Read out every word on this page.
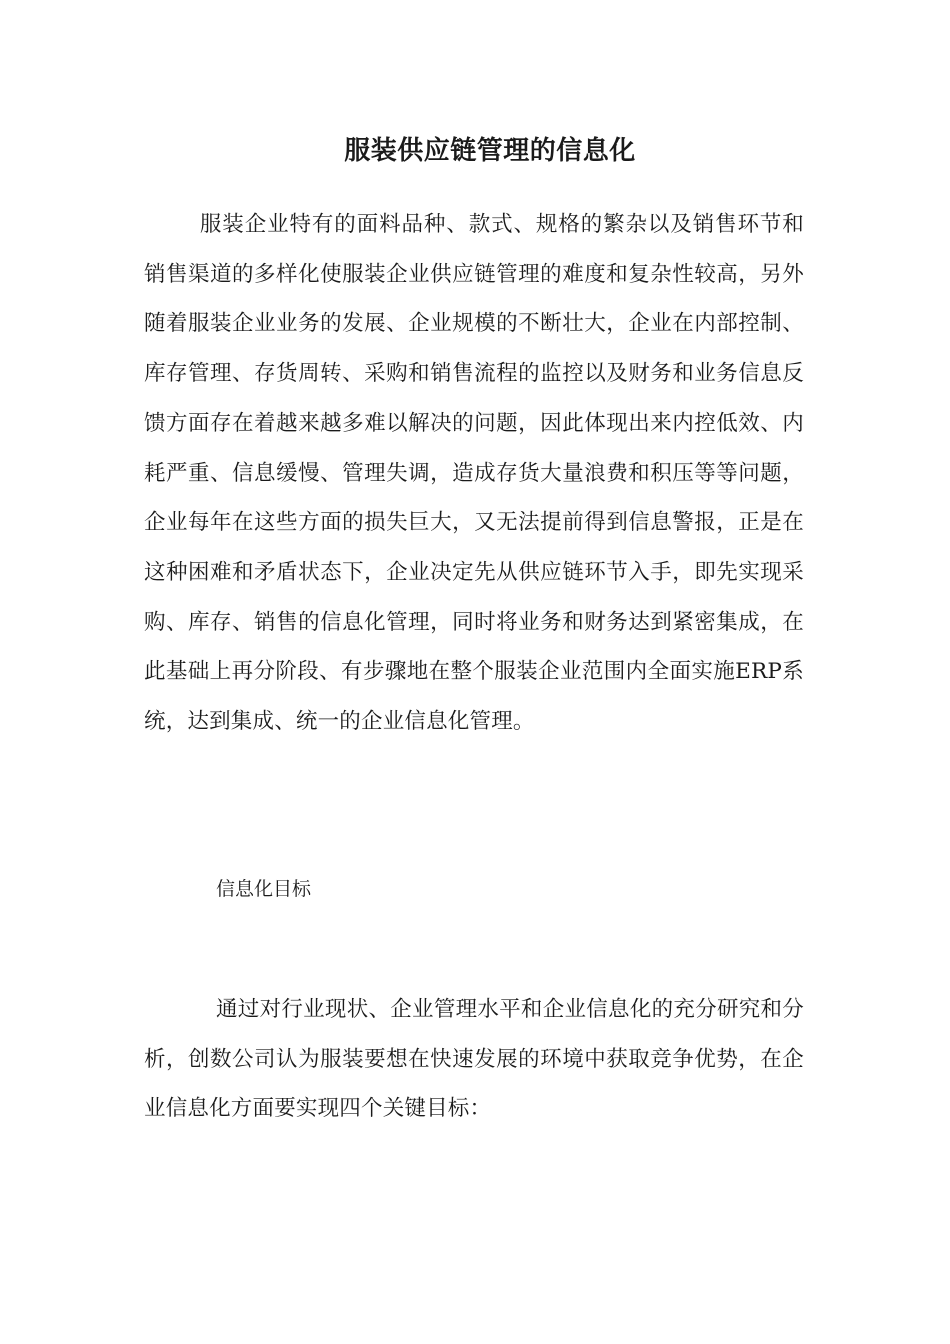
服装供应链管理的信息化

服装企业特有的面料品种、款式、规格的繁杂以及销售环节和销售渠道的多样化使服装企业供应链管理的难度和复杂性较高，另外随着服装企业业务的发展、企业规模的不断壮大，企业在内部控制、库存管理、存货周转、采购和销售流程的监控以及财务和业务信息反馈方面存在着越来越多难以解决的问题，因此体现出来内控低效、内耗严重、信息缓慢、管理失调，造成存货大量浪费和积压等等问题，企业每年在这些方面的损失巨大，又无法提前得到信息警报，正是在这种困难和矛盾状态下，企业决定先从供应链环节入手，即先实现采购、库存、销售的信息化管理，同时将业务和财务达到紧密集成，在此基础上再分阶段、有步骤地在整个服装企业范围内全面实施ERP系统，达到集成、统一的企业信息化管理。

信息化目标

通过对行业现状、企业管理水平和企业信息化的充分研究和分析，创数公司认为服装要想在快速发展的环境中获取竞争优势，在企业信息化方面要实现四个关键目标：
